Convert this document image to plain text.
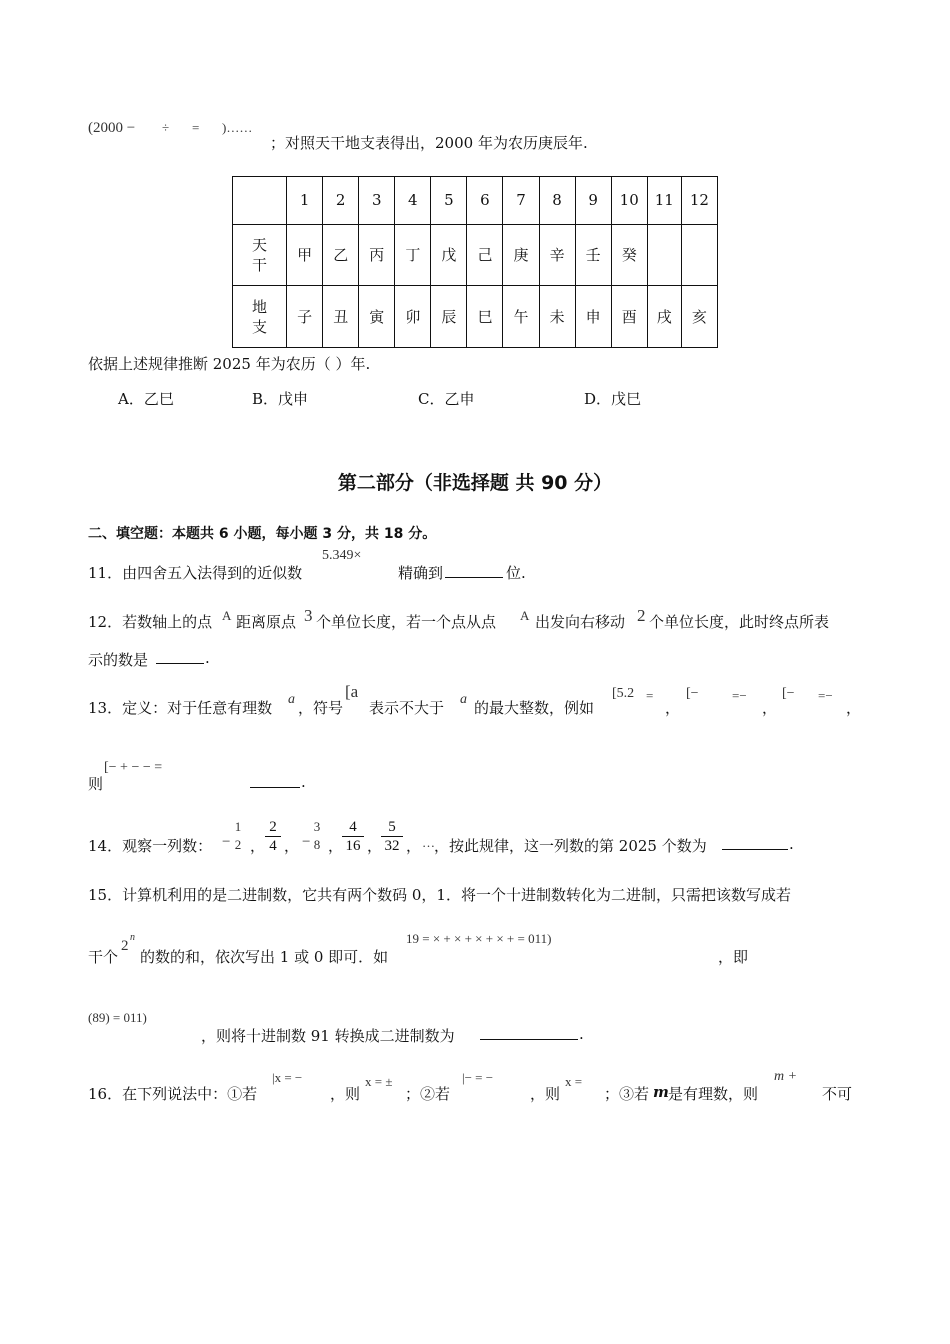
(2000 − ÷ = )……
；对照天干地支表得出，2000 年为农历庚辰年.
	1	2	3	4	5	6	7	8	9	10	11	12

天
干	甲	乙	丙	丁	戊	己	庚	辛	壬	癸		

地
支	子	丑	寅	卯	辰	巳	午	未	申	酉	戌	亥
依据上述规律推断 2025 年为农历（ ）年.
A．乙巳	B．戊申	C．乙申	D．戊巳
第二部分（非选择题 共 90 分）
二、填空题：本题共 6 小题，每小题 3 分，共 18 分。
11．由四舍五入法得到的近似数
5.349×
精确到	位.
12．若数轴上的点 A 距离原点 3 个单位长度，若一个点从点 A 出发向右移动 2 个单位长度，此时终点所表
示的数是	.
13．定义：对于任意有理数 a ，符号
[a
表示不大于 a 的最大整数，例如
[5.2 =
，
[−	=−
，
[− =−
，
则
[− + − − =
.
14．观察一列数： −
1
2 ， $\frac{2}{4}$ ， −
3
8 ，
$\frac{4}{16}$ ，
$\frac{5}{32}$ ， … ，按此规律，这一列数的第 2025 个数为	.
15．计算机利用的是二进制数，它共有两个数码 0，1．将一个十进制数转化为二进制，只需把该数写成若
干个
2
n
的数的和，依次写出 1 或 0 即可．如
19 = × + × + × + × + = 011)
，即
(89) = 011)
，则将十进制数 91 转换成二进制数为	.
16．在下列说法中：①若
|x = −
，则
x = ±
；②若
|− = −
，则
x =
；③若 m 是有理数，则
m +
不可
